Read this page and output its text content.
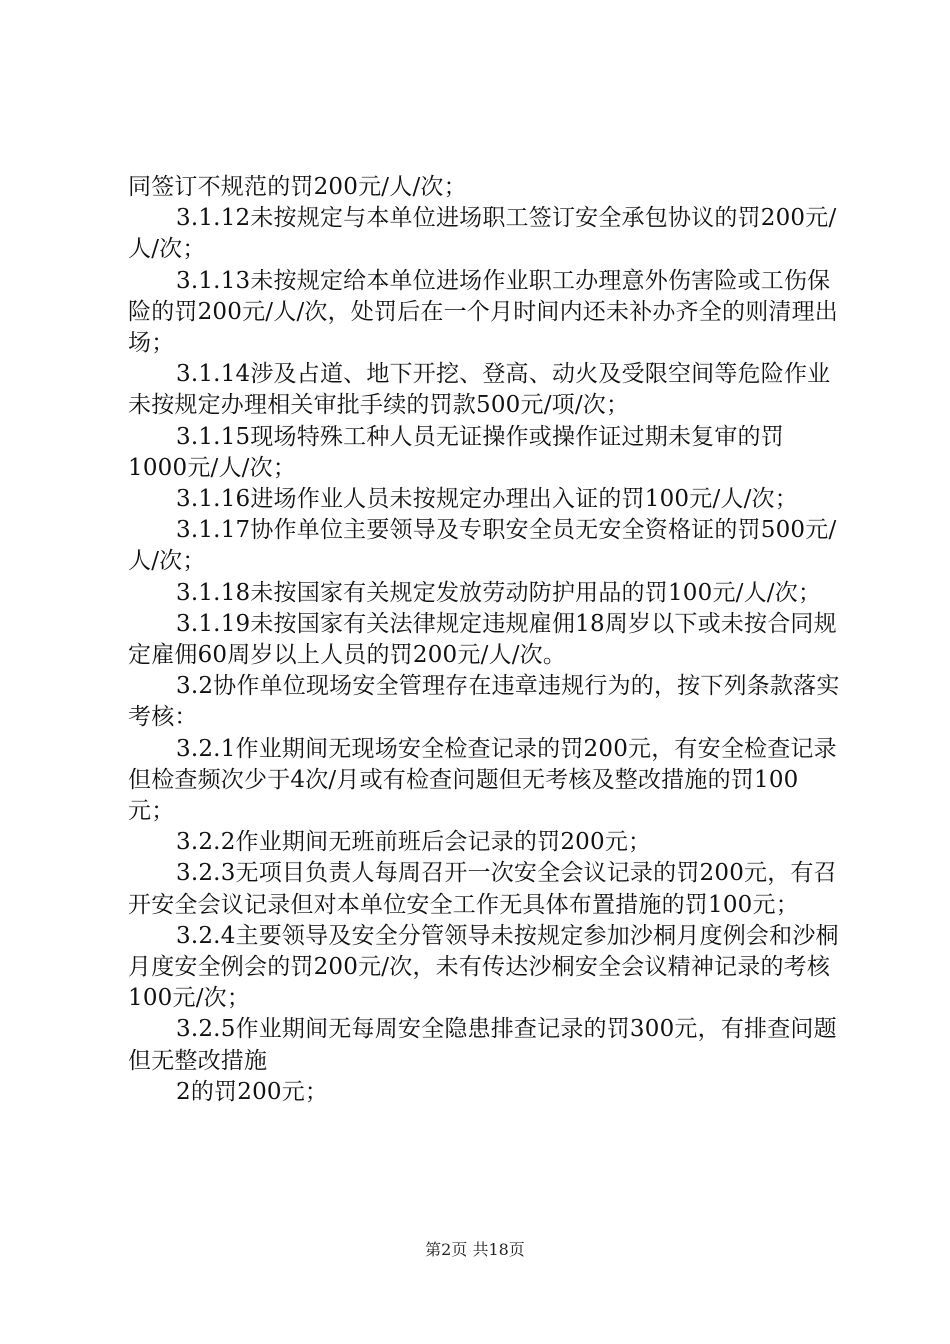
同签订不规范的罚200元/人/次；

3.1.12未按规定与本单位进场职工签订安全承包协议的罚200元/人/次；

3.1.13未按规定给本单位进场作业职工办理意外伤害险或工伤保险的罚200元/人/次，处罚后在一个月时间内还未补办齐全的则清理出场；

3.1.14涉及占道、地下开挖、登高、动火及受限空间等危险作业未按规定办理相关审批手续的罚款500元/项/次；

3.1.15现场特殊工种人员无证操作或操作证过期未复审的罚1000元/人/次；

3.1.16进场作业人员未按规定办理出入证的罚100元/人/次；

3.1.17协作单位主要领导及专职安全员无安全资格证的罚500元/人/次；

3.1.18未按国家有关规定发放劳动防护用品的罚100元/人/次；

3.1.19未按国家有关法律规定违规雇佣18周岁以下或未按合同规定雇佣60周岁以上人员的罚200元/人/次。

3.2协作单位现场安全管理存在违章违规行为的，按下列条款落实考核：

3.2.1作业期间无现场安全检查记录的罚200元，有安全检查记录但检查频次少于4次/月或有检查问题但无考核及整改措施的罚100元；

3.2.2作业期间无班前班后会记录的罚200元；

3.2.3无项目负责人每周召开一次安全会议记录的罚200元，有召开安全会议记录但对本单位安全工作无具体布置措施的罚100元；

3.2.4主要领导及安全分管领导未按规定参加沙桐月度例会和沙桐月度安全例会的罚200元/次，未有传达沙桐安全会议精神记录的考核100元/次；

3.2.5作业期间无每周安全隐患排查记录的罚300元，有排查问题但无整改措施

2的罚200元；

第2页 共18页
